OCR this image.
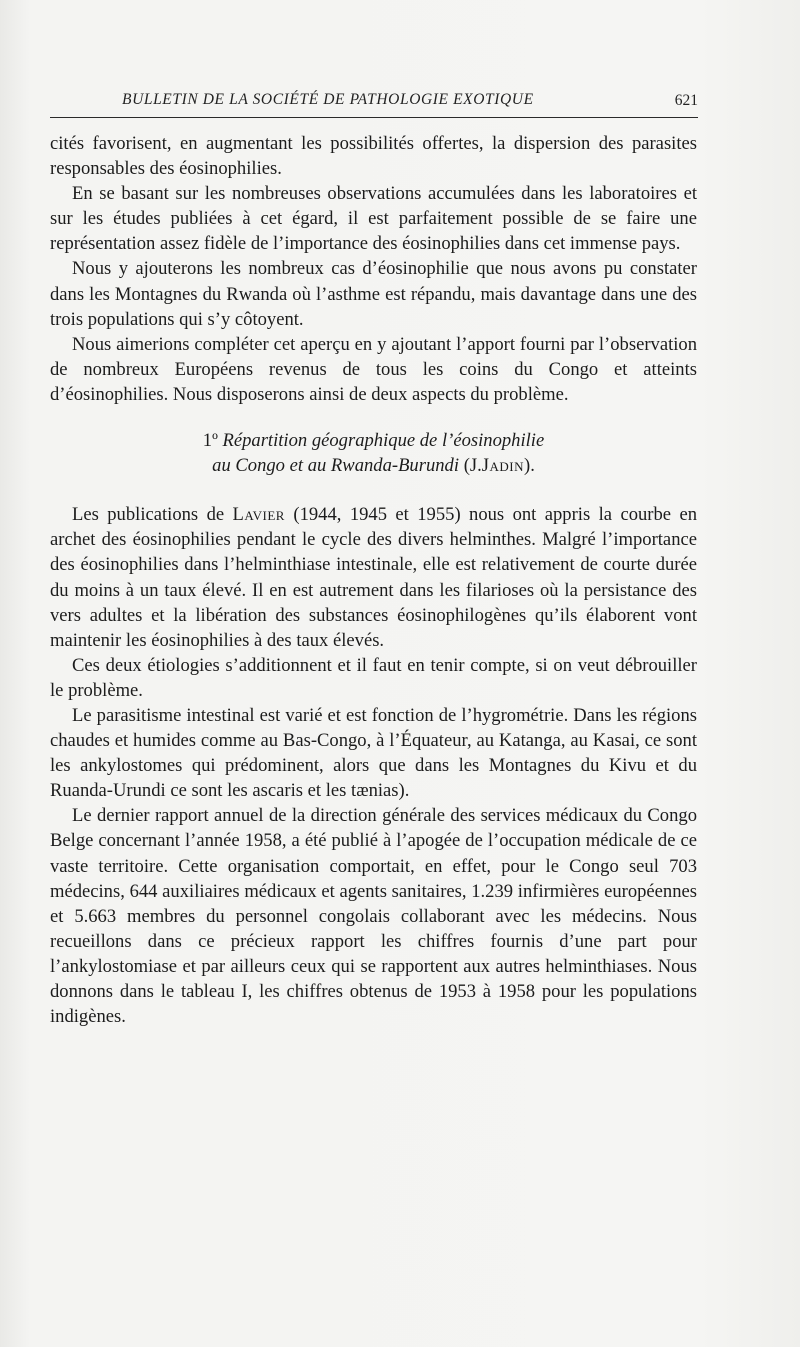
BULLETIN DE LA SOCIÉTÉ DE PATHOLOGIE EXOTIQUE	621

cités favorisent, en augmentant les possibilités offertes, la dispersion des parasites responsables des éosinophilies.

En se basant sur les nombreuses observations accumulées dans les laboratoires et sur les études publiées à cet égard, il est parfaitement possible de se faire une représentation assez fidèle de l’importance des éosinophilies dans cet immense pays.

Nous y ajouterons les nombreux cas d’éosinophilie que nous avons pu constater dans les Montagnes du Rwanda où l’asthme est répandu, mais davantage dans une des trois populations qui s’y côtoyent.

Nous aimerions compléter cet aperçu en y ajoutant l’apport fourni par l’observation de nombreux Européens revenus de tous les coins du Congo et atteints d’éosinophilies. Nous disposerons ainsi de deux aspects du problème.

1º Répartition géographique de l’éosinophilie
au Congo et au Rwanda-Burundi (J.Jadin).

Les publications de Lavier (1944, 1945 et 1955) nous ont appris la courbe en archet des éosinophilies pendant le cycle des divers helminthes. Malgré l’importance des éosinophilies dans l’helminthiase intestinale, elle est relativement de courte durée du moins à un taux élevé. Il en est autrement dans les filarioses où la persistance des vers adultes et la libération des substances éosinophilogènes qu’ils élaborent vont maintenir les éosinophilies à des taux élevés.

Ces deux étiologies s’additionnent et il faut en tenir compte, si on veut débrouiller le problème.

Le parasitisme intestinal est varié et est fonction de l’hygrométrie. Dans les régions chaudes et humides comme au Bas-Congo, à l’Équateur, au Katanga, au Kasai, ce sont les ankylostomes qui prédominent, alors que dans les Montagnes du Kivu et du Ruanda-Urundi ce sont les ascaris et les tænias).

Le dernier rapport annuel de la direction générale des services médicaux du Congo Belge concernant l’année 1958, a été publié à l’apogée de l’occupation médicale de ce vaste territoire. Cette organisation comportait, en effet, pour le Congo seul 703 médecins, 644 auxiliaires médicaux et agents sanitaires, 1.239 infirmières européennes et 5.663 membres du personnel congolais collaborant avec les médecins. Nous recueillons dans ce précieux rapport les chiffres fournis d’une part pour l’ankylostomiase et par ailleurs ceux qui se rapportent aux autres helminthiases. Nous donnons dans le tableau I, les chiffres obtenus de 1953 à 1958 pour les populations indigènes.
